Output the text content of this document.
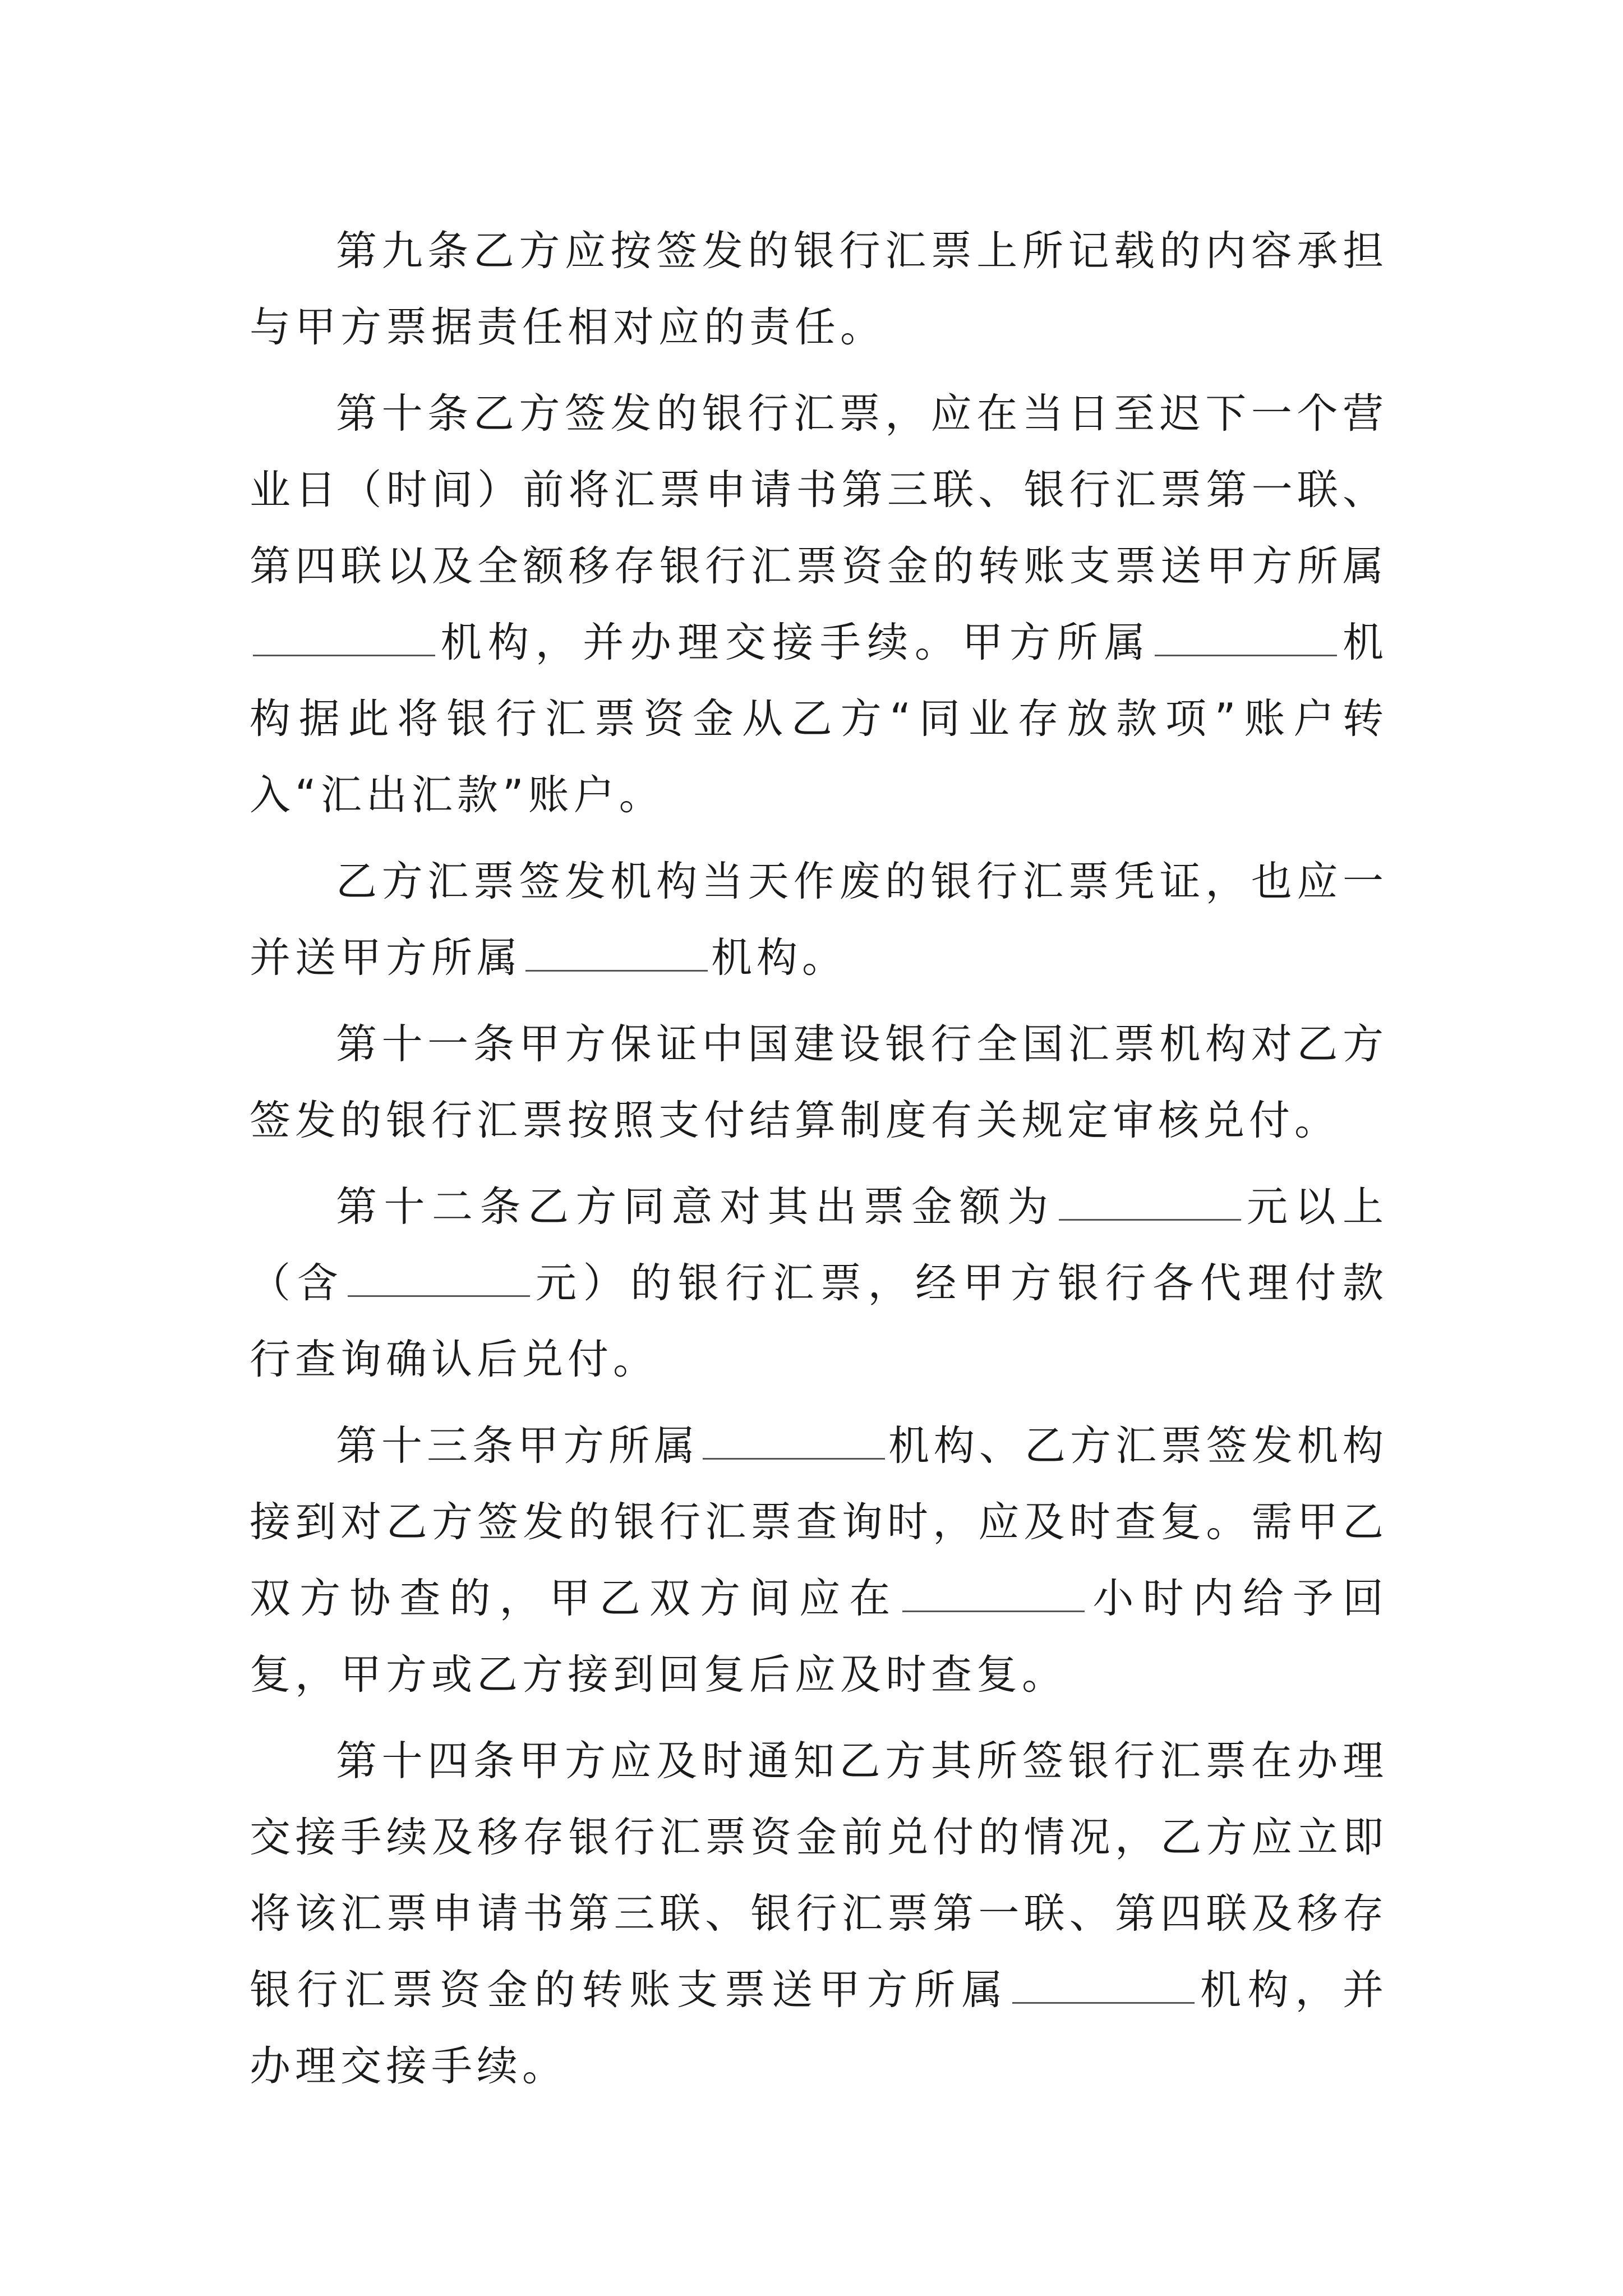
第九条乙方应按签发的银行汇票上所记载的内容承担与甲方票据责任相对应的责任。

第十条乙方签发的银行汇票，应在当日至迟下一个营业日（时间）前将汇票申请书第三联、银行汇票第一联、第四联以及全额移存银行汇票资金的转账支票送甲方所属机构，并办理交接手续。甲方所属	机构据此将银行汇票资金从乙方“同业存放款项”账户转入“汇出汇款”账户。

乙方汇票签发机构当天作废的银行汇票凭证，也应一并送甲方所属	机构。

第十一条甲方保证中国建设银行全国汇票机构对乙方签发的银行汇票按照支付结算制度有关规定审核兑付。

第十二条乙方同意对其出票金额为	元以上（含	元）的银行汇票，经甲方银行各代理付款行查询确认后兑付。

第十三条甲方所属	机构、乙方汇票签发机构接到对乙方签发的银行汇票查询时，应及时查复。需甲乙双方协查的，甲乙双方间应在	小时内给予回复，甲方或乙方接到回复后应及时查复。

第十四条甲方应及时通知乙方其所签银行汇票在办理交接手续及移存银行汇票资金前兑付的情况，乙方应立即将该汇票申请书第三联、银行汇票第一联、第四联及移存银行汇票资金的转账支票送甲方所属	机构，并办理交接手续。
